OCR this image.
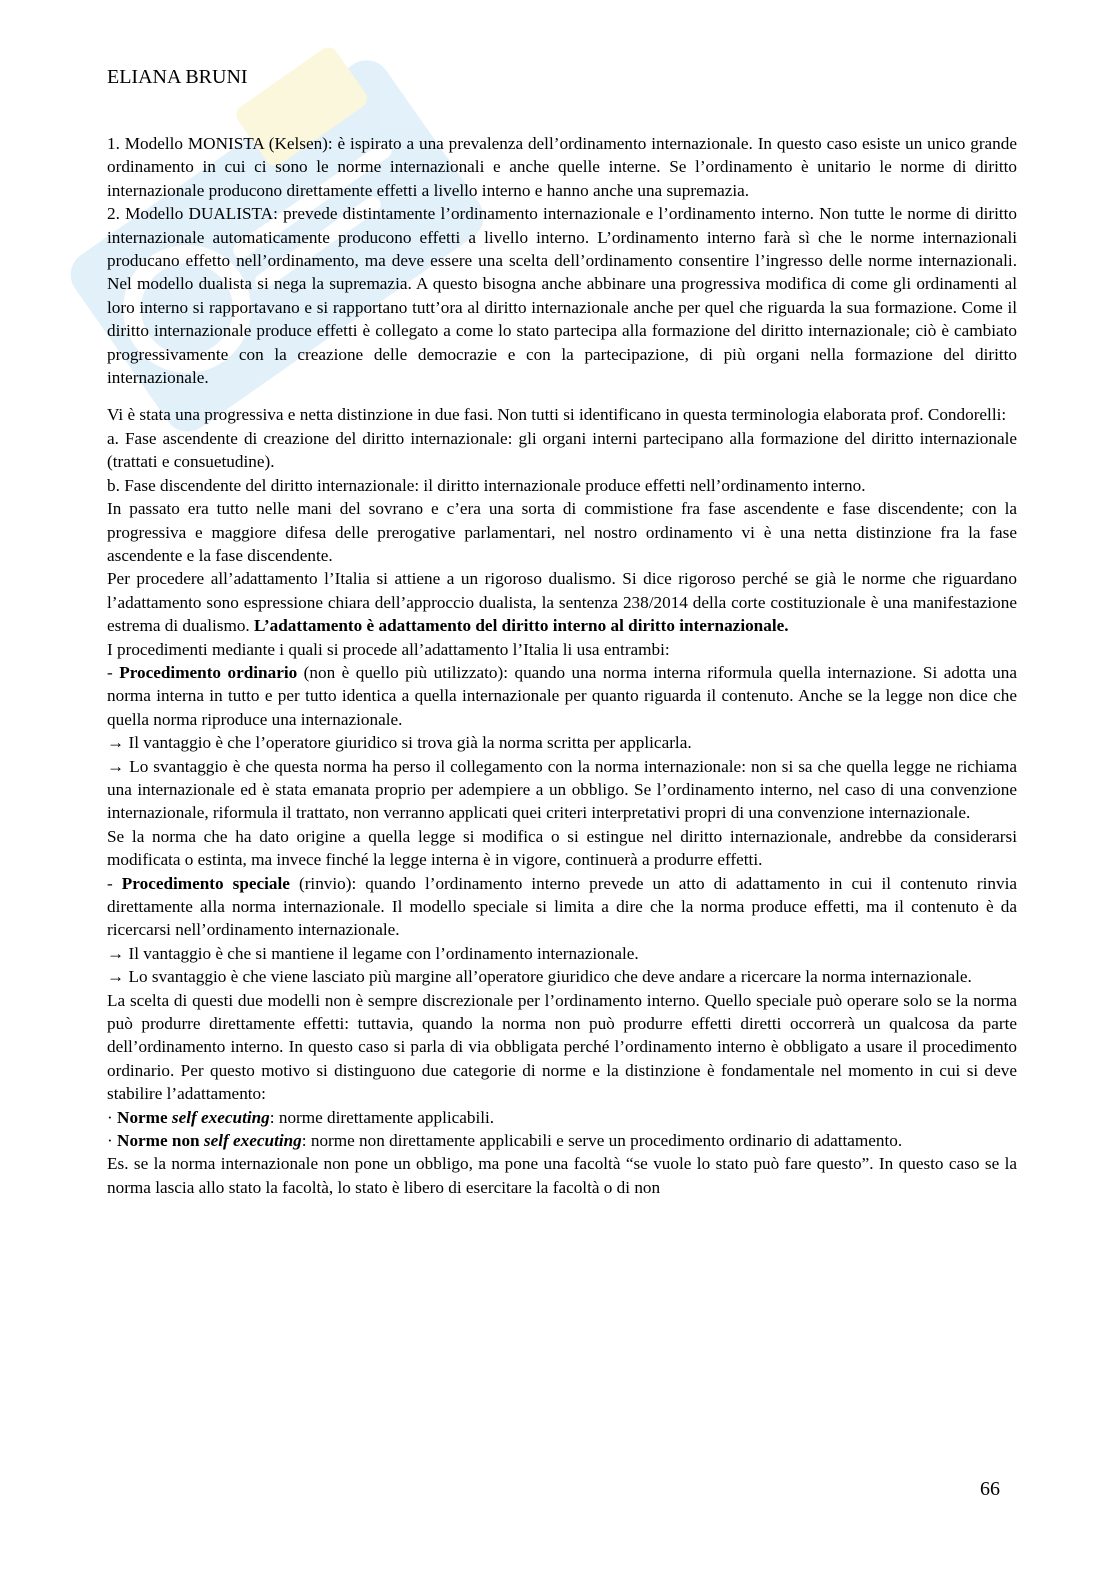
ELIANA BRUNI

1. Modello MONISTA (Kelsen): è ispirato a una prevalenza dell’ordinamento internazionale. In questo caso esiste un unico grande ordinamento in cui ci sono le norme internazionali e anche quelle interne. Se l’ordinamento è unitario le norme di diritto internazionale producono direttamente effetti a livello interno e hanno anche una supremazia.

2. Modello DUALISTA: prevede distintamente l’ordinamento internazionale e l’ordinamento interno. Non tutte le norme di diritto internazionale automaticamente producono effetti a livello interno. L’ordinamento interno farà sì che le norme internazionali producano effetto nell’ordinamento, ma deve essere una scelta dell’ordinamento consentire l’ingresso delle norme internazionali. Nel modello dualista si nega la supremazia. A questo bisogna anche abbinare una progressiva modifica di come gli ordinamenti al loro interno si rapportavano e si rapportano tutt’ora al diritto internazionale anche per quel che riguarda la sua formazione. Come il diritto internazionale produce effetti è collegato a come lo stato partecipa alla formazione del diritto internazionale; ciò è cambiato progressivamente con la creazione delle democrazie e con la partecipazione, di più organi nella formazione del diritto internazionale.

Vi è stata una progressiva e netta distinzione in due fasi. Non tutti si identificano in questa terminologia elaborata prof. Condorelli:

a. Fase ascendente di creazione del diritto internazionale: gli organi interni partecipano alla formazione del diritto internazionale (trattati e consuetudine).

b. Fase discendente del diritto internazionale: il diritto internazionale produce effetti nell’ordinamento interno.

In passato era tutto nelle mani del sovrano e c’era una sorta di commistione fra fase ascendente e fase discendente; con la progressiva e maggiore difesa delle prerogative parlamentari, nel nostro ordinamento vi è una netta distinzione fra la fase ascendente e la fase discendente.

Per procedere all’adattamento l’Italia si attiene a un rigoroso dualismo. Si dice rigoroso perché se già le norme che riguardano l’adattamento sono espressione chiara dell’approccio dualista, la sentenza 238/2014 della corte costituzionale è una manifestazione estrema di dualismo. L’adattamento è adattamento del diritto interno al diritto internazionale.

I procedimenti mediante i quali si procede all’adattamento l’Italia li usa entrambi:

- Procedimento ordinario (non è quello più utilizzato): quando una norma interna riformula quella internazione. Si adotta una norma interna in tutto e per tutto identica a quella internazionale per quanto riguarda il contenuto. Anche se la legge non dice che quella norma riproduce una internazionale.

→ Il vantaggio è che l’operatore giuridico si trova già la norma scritta per applicarla.

→ Lo svantaggio è che questa norma ha perso il collegamento con la norma internazionale: non si sa che quella legge ne richiama una internazionale ed è stata emanata proprio per adempiere a un obbligo. Se l’ordinamento interno, nel caso di una convenzione internazionale, riformula il trattato, non verranno applicati quei criteri interpretativi propri di una convenzione internazionale.

Se la norma che ha dato origine a quella legge si modifica o si estingue nel diritto internazionale, andrebbe da considerarsi modificata o estinta, ma invece finché la legge interna è in vigore, continuerà a produrre effetti.

- Procedimento speciale (rinvio): quando l’ordinamento interno prevede un atto di adattamento in cui il contenuto rinvia direttamente alla norma internazionale. Il modello speciale si limita a dire che la norma produce effetti, ma il contenuto è da ricercarsi nell’ordinamento internazionale.

→ Il vantaggio è che si mantiene il legame con l’ordinamento internazionale.

→ Lo svantaggio è che viene lasciato più margine all’operatore giuridico che deve andare a ricercare la norma internazionale.

La scelta di questi due modelli non è sempre discrezionale per l’ordinamento interno. Quello speciale può operare solo se la norma può produrre direttamente effetti: tuttavia, quando la norma non può produrre effetti diretti occorrerà un qualcosa da parte dell’ordinamento interno. In questo caso si parla di via obbligata perché l’ordinamento interno è obbligato a usare il procedimento ordinario. Per questo motivo si distinguono due categorie di norme e la distinzione è fondamentale nel momento in cui si deve stabilire l’adattamento:

· Norme self executing: norme direttamente applicabili.

· Norme non self executing: norme non direttamente applicabili e serve un procedimento ordinario di adattamento.

Es. se la norma internazionale non pone un obbligo, ma pone una facoltà “se vuole lo stato può fare questo”. In questo caso se la norma lascia allo stato la facoltà, lo stato è libero di esercitare la facoltà o di non

66
